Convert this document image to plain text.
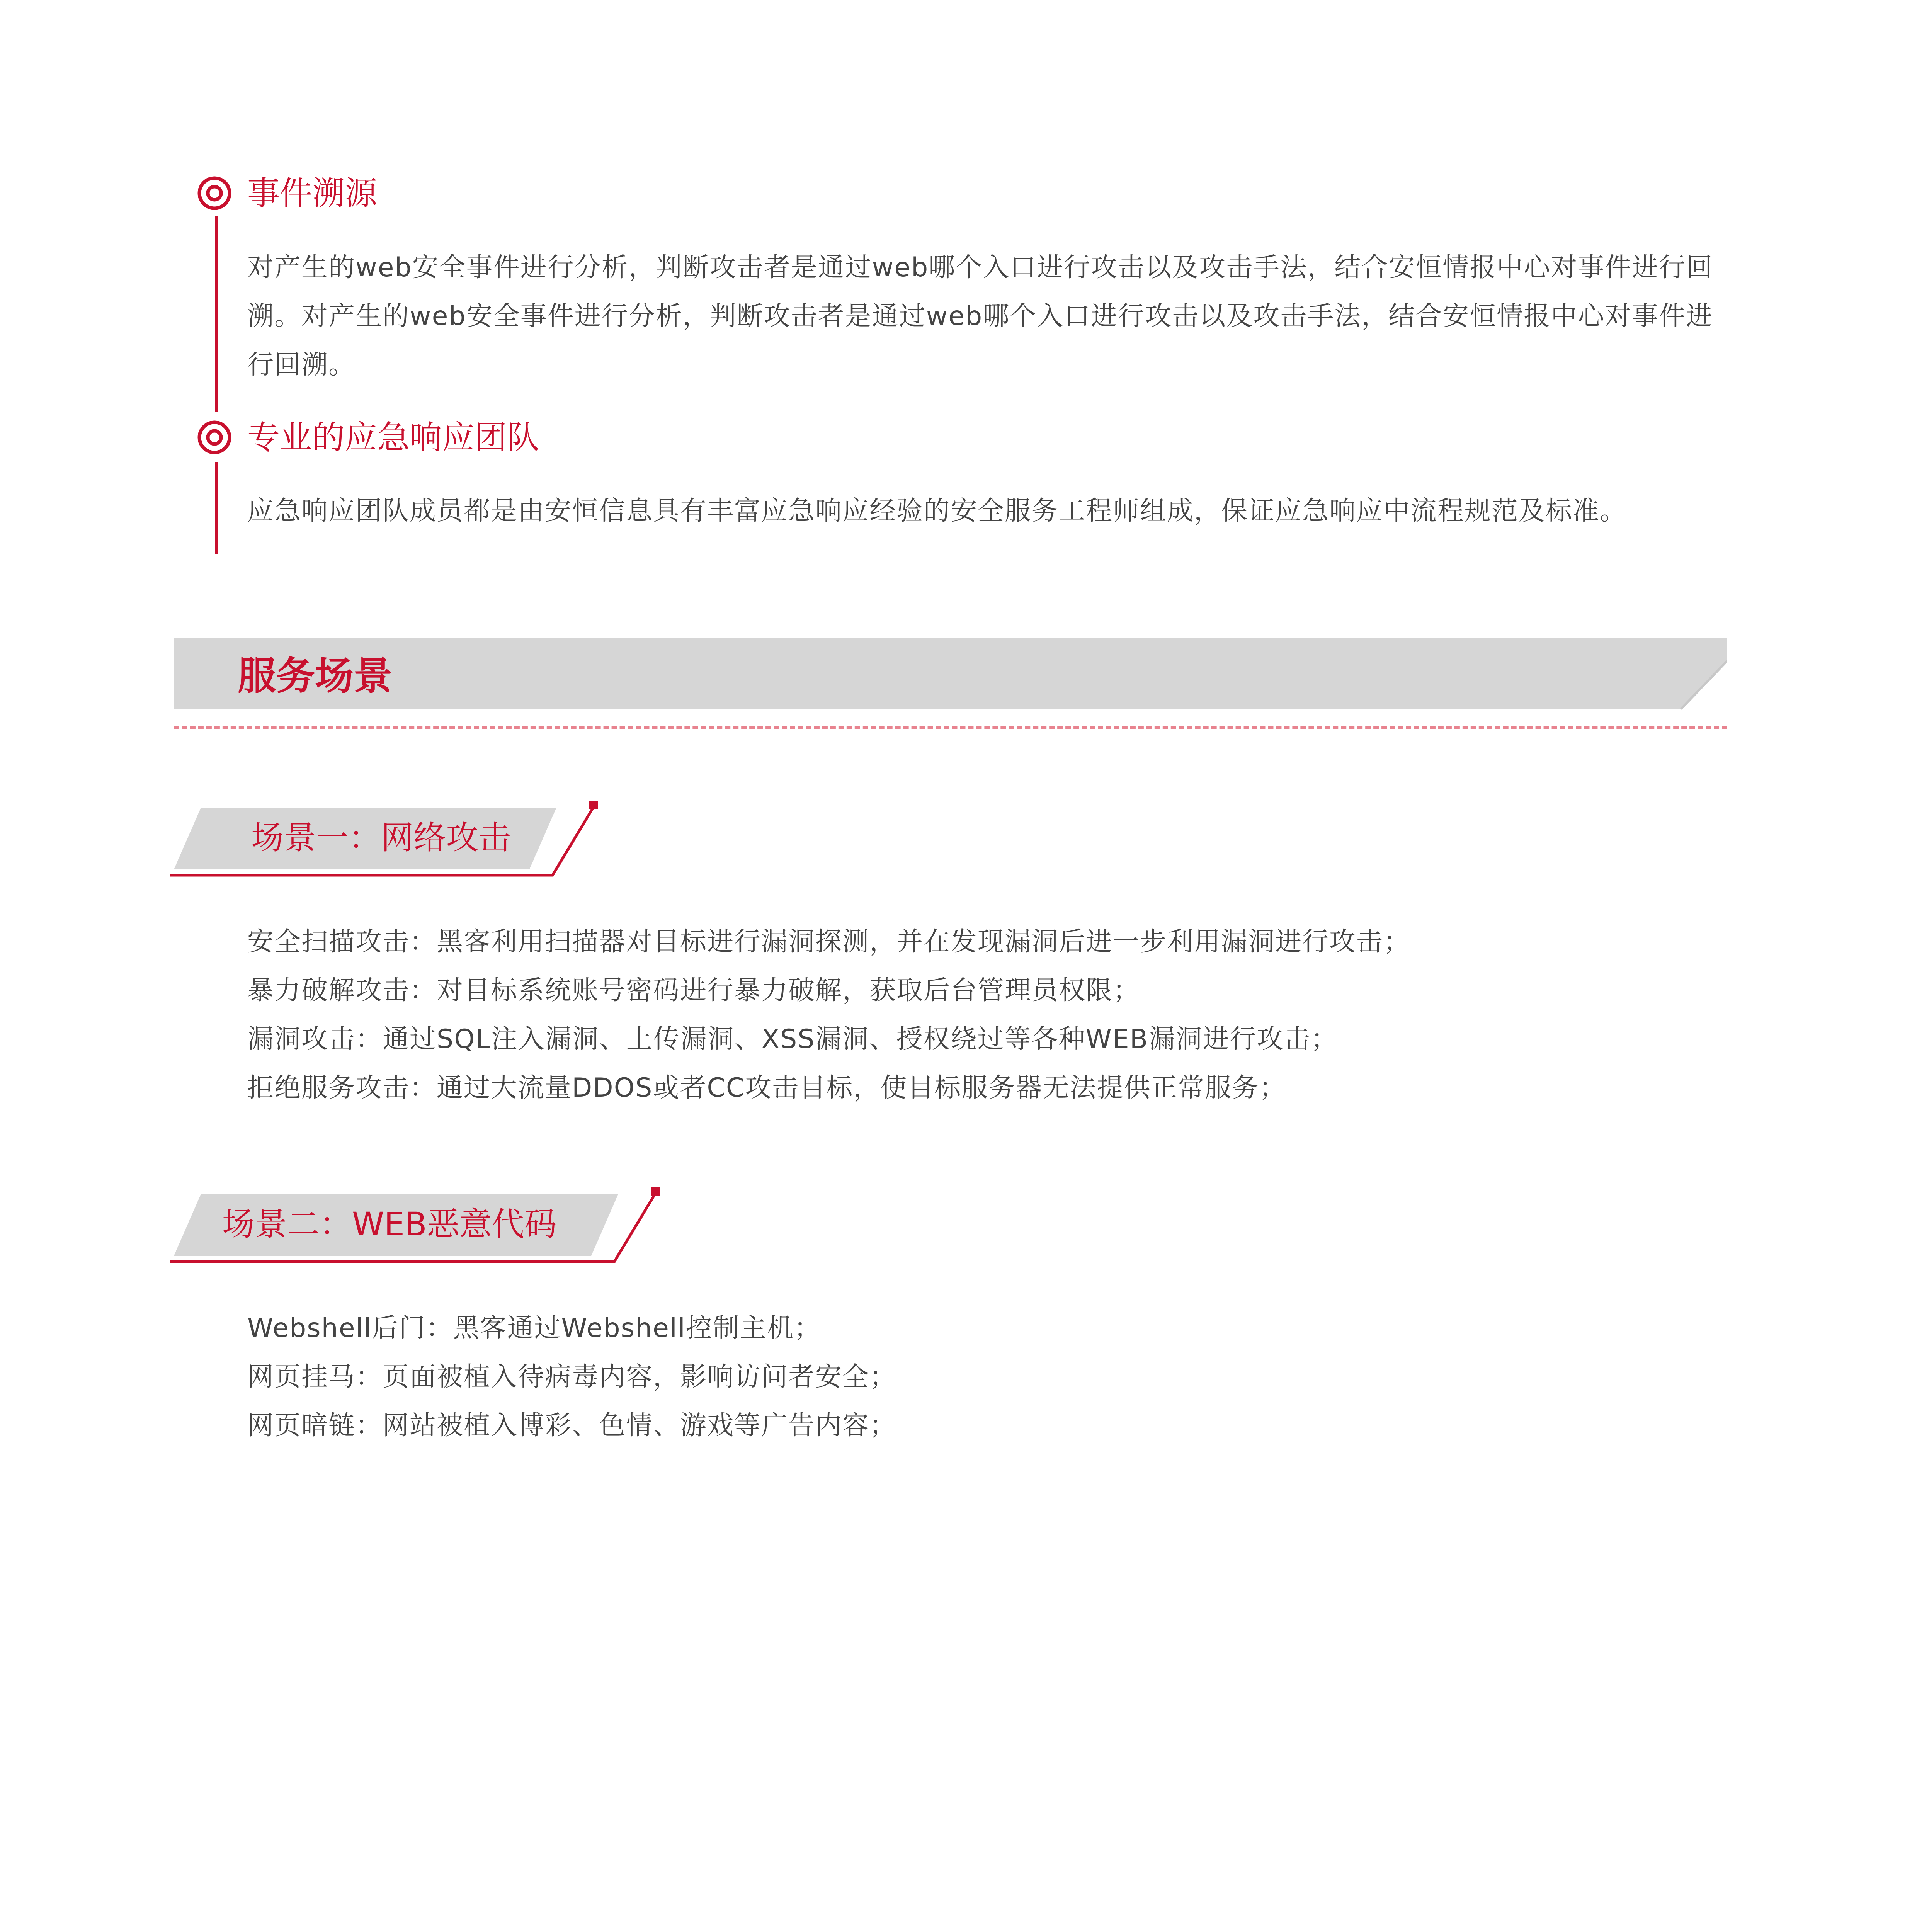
事件溯源
对产生的web安全事件进行分析，判断攻击者是通过web哪个入口进行攻击以及攻击手法，结合安恒情报中心对事件进行回溯。对产生的web安全事件进行分析，判断攻击者是通过web哪个入口进行攻击以及攻击手法，结合安恒情报中心对事件进行回溯。
专业的应急响应团队
应急响应团队成员都是由安恒信息具有丰富应急响应经验的安全服务工程师组成，保证应急响应中流程规范及标准。
服务场景
场景一：网络攻击
安全扫描攻击：黑客利用扫描器对目标进行漏洞探测，并在发现漏洞后进一步利用漏洞进行攻击；
暴力破解攻击：对目标系统账号密码进行暴力破解，获取后台管理员权限；
漏洞攻击：通过SQL注入漏洞、上传漏洞、XSS漏洞、授权绕过等各种WEB漏洞进行攻击；
拒绝服务攻击：通过大流量DDOS或者CC攻击目标，使目标服务器无法提供正常服务；
场景二：WEB恶意代码
Webshell后门：黑客通过Webshell控制主机；
网页挂马：页面被植入待病毒内容，影响访问者安全；
网页暗链：网站被植入博彩、色情、游戏等广告内容；
